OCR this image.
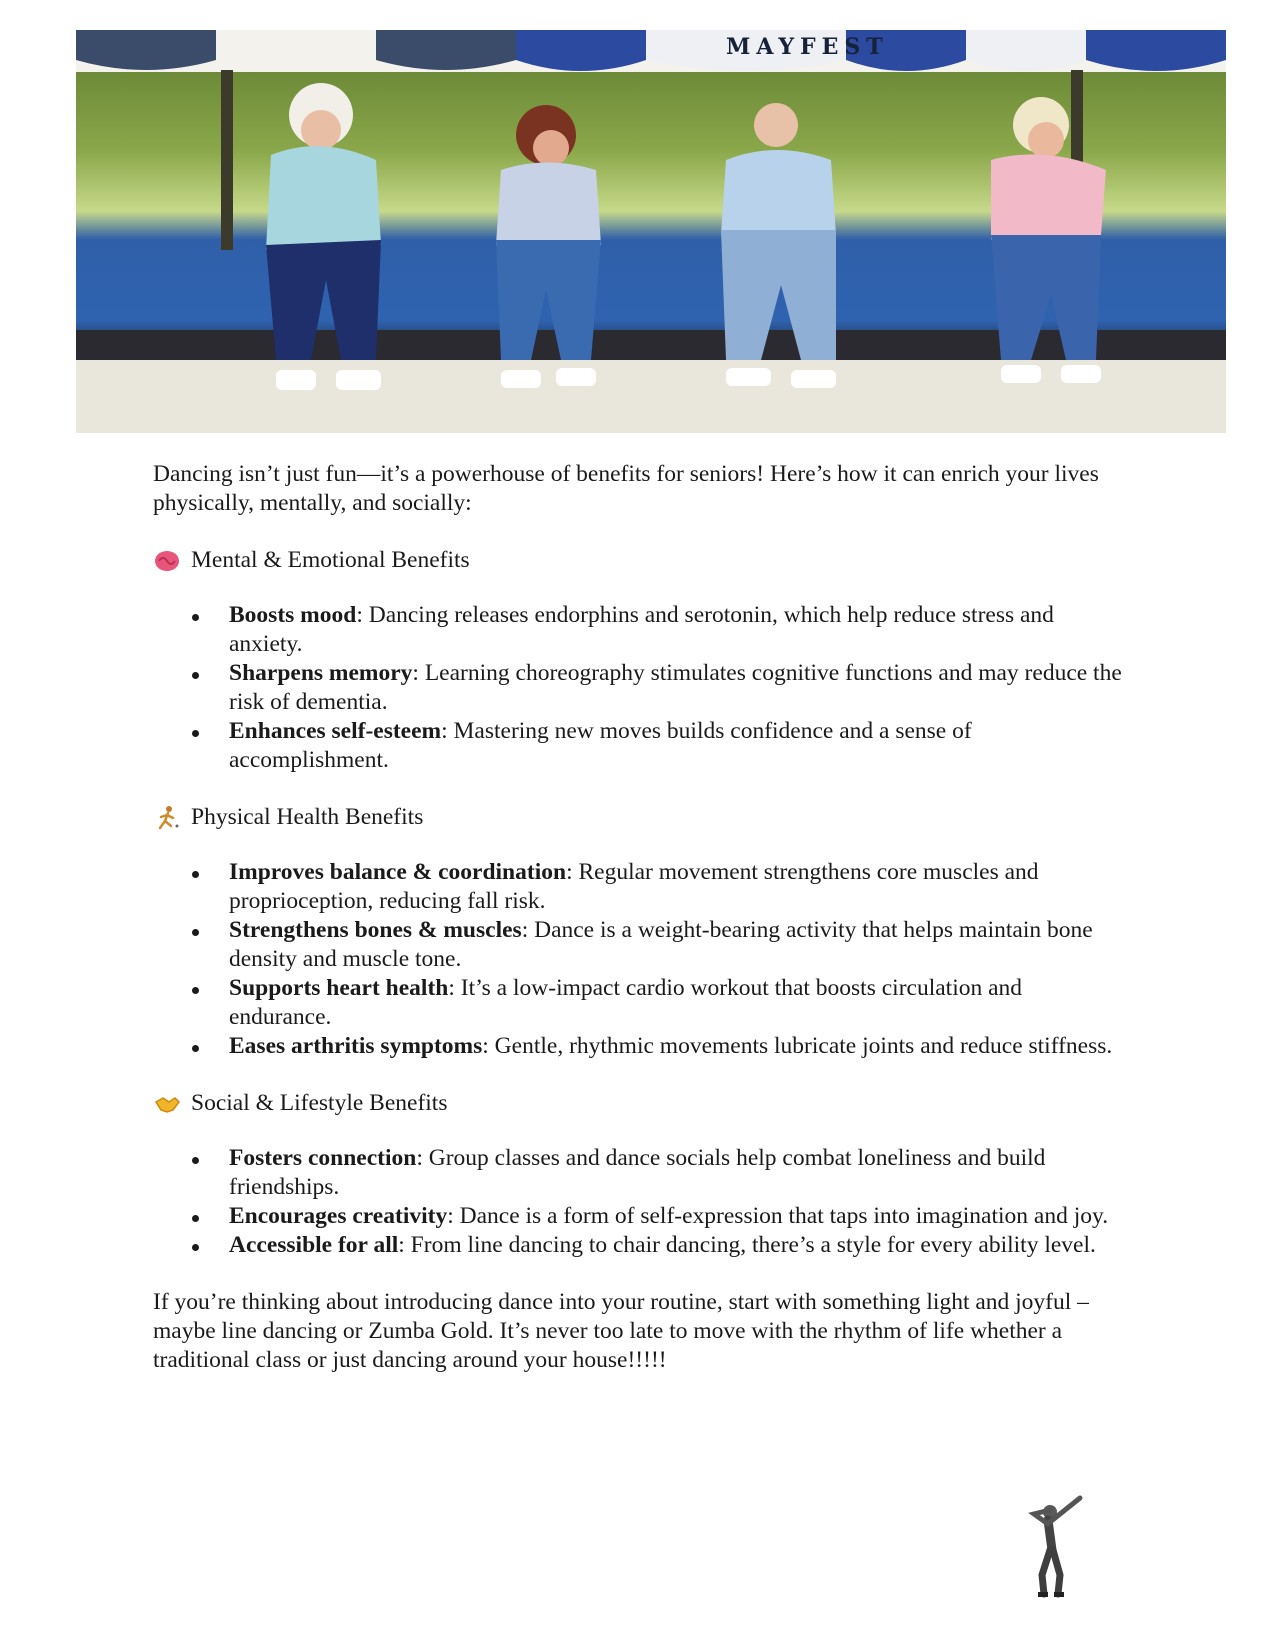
MAYFEST

Dancing isn’t just fun—it’s a powerhouse of benefits for seniors! Here’s how it can enrich your lives physically, mentally, and socially:

Mental & Emotional Benefits
Boosts mood: Dancing releases endorphins and serotonin, which help reduce stress and anxiety.
Sharpens memory: Learning choreography stimulates cognitive functions and may reduce the risk of dementia.
Enhances self-esteem: Mastering new moves builds confidence and a sense of accomplishment.
Physical Health Benefits
Improves balance & coordination: Regular movement strengthens core muscles and proprioception, reducing fall risk.
Strengthens bones & muscles: Dance is a weight-bearing activity that helps maintain bone density and muscle tone.
Supports heart health: It’s a low-impact cardio workout that boosts circulation and endurance.
Eases arthritis symptoms: Gentle, rhythmic movements lubricate joints and reduce stiffness.
Social & Lifestyle Benefits
Fosters connection: Group classes and dance socials help combat loneliness and build friendships.
Encourages creativity: Dance is a form of self-expression that taps into imagination and joy.
Accessible for all: From line dancing to chair dancing, there’s a style for every ability level.

If you’re thinking about introducing dance into your routine, start with something light and joyful – maybe line dancing or Zumba Gold. It’s never too late to move with the rhythm of life whether a traditional class or just dancing around your house!!!!!
